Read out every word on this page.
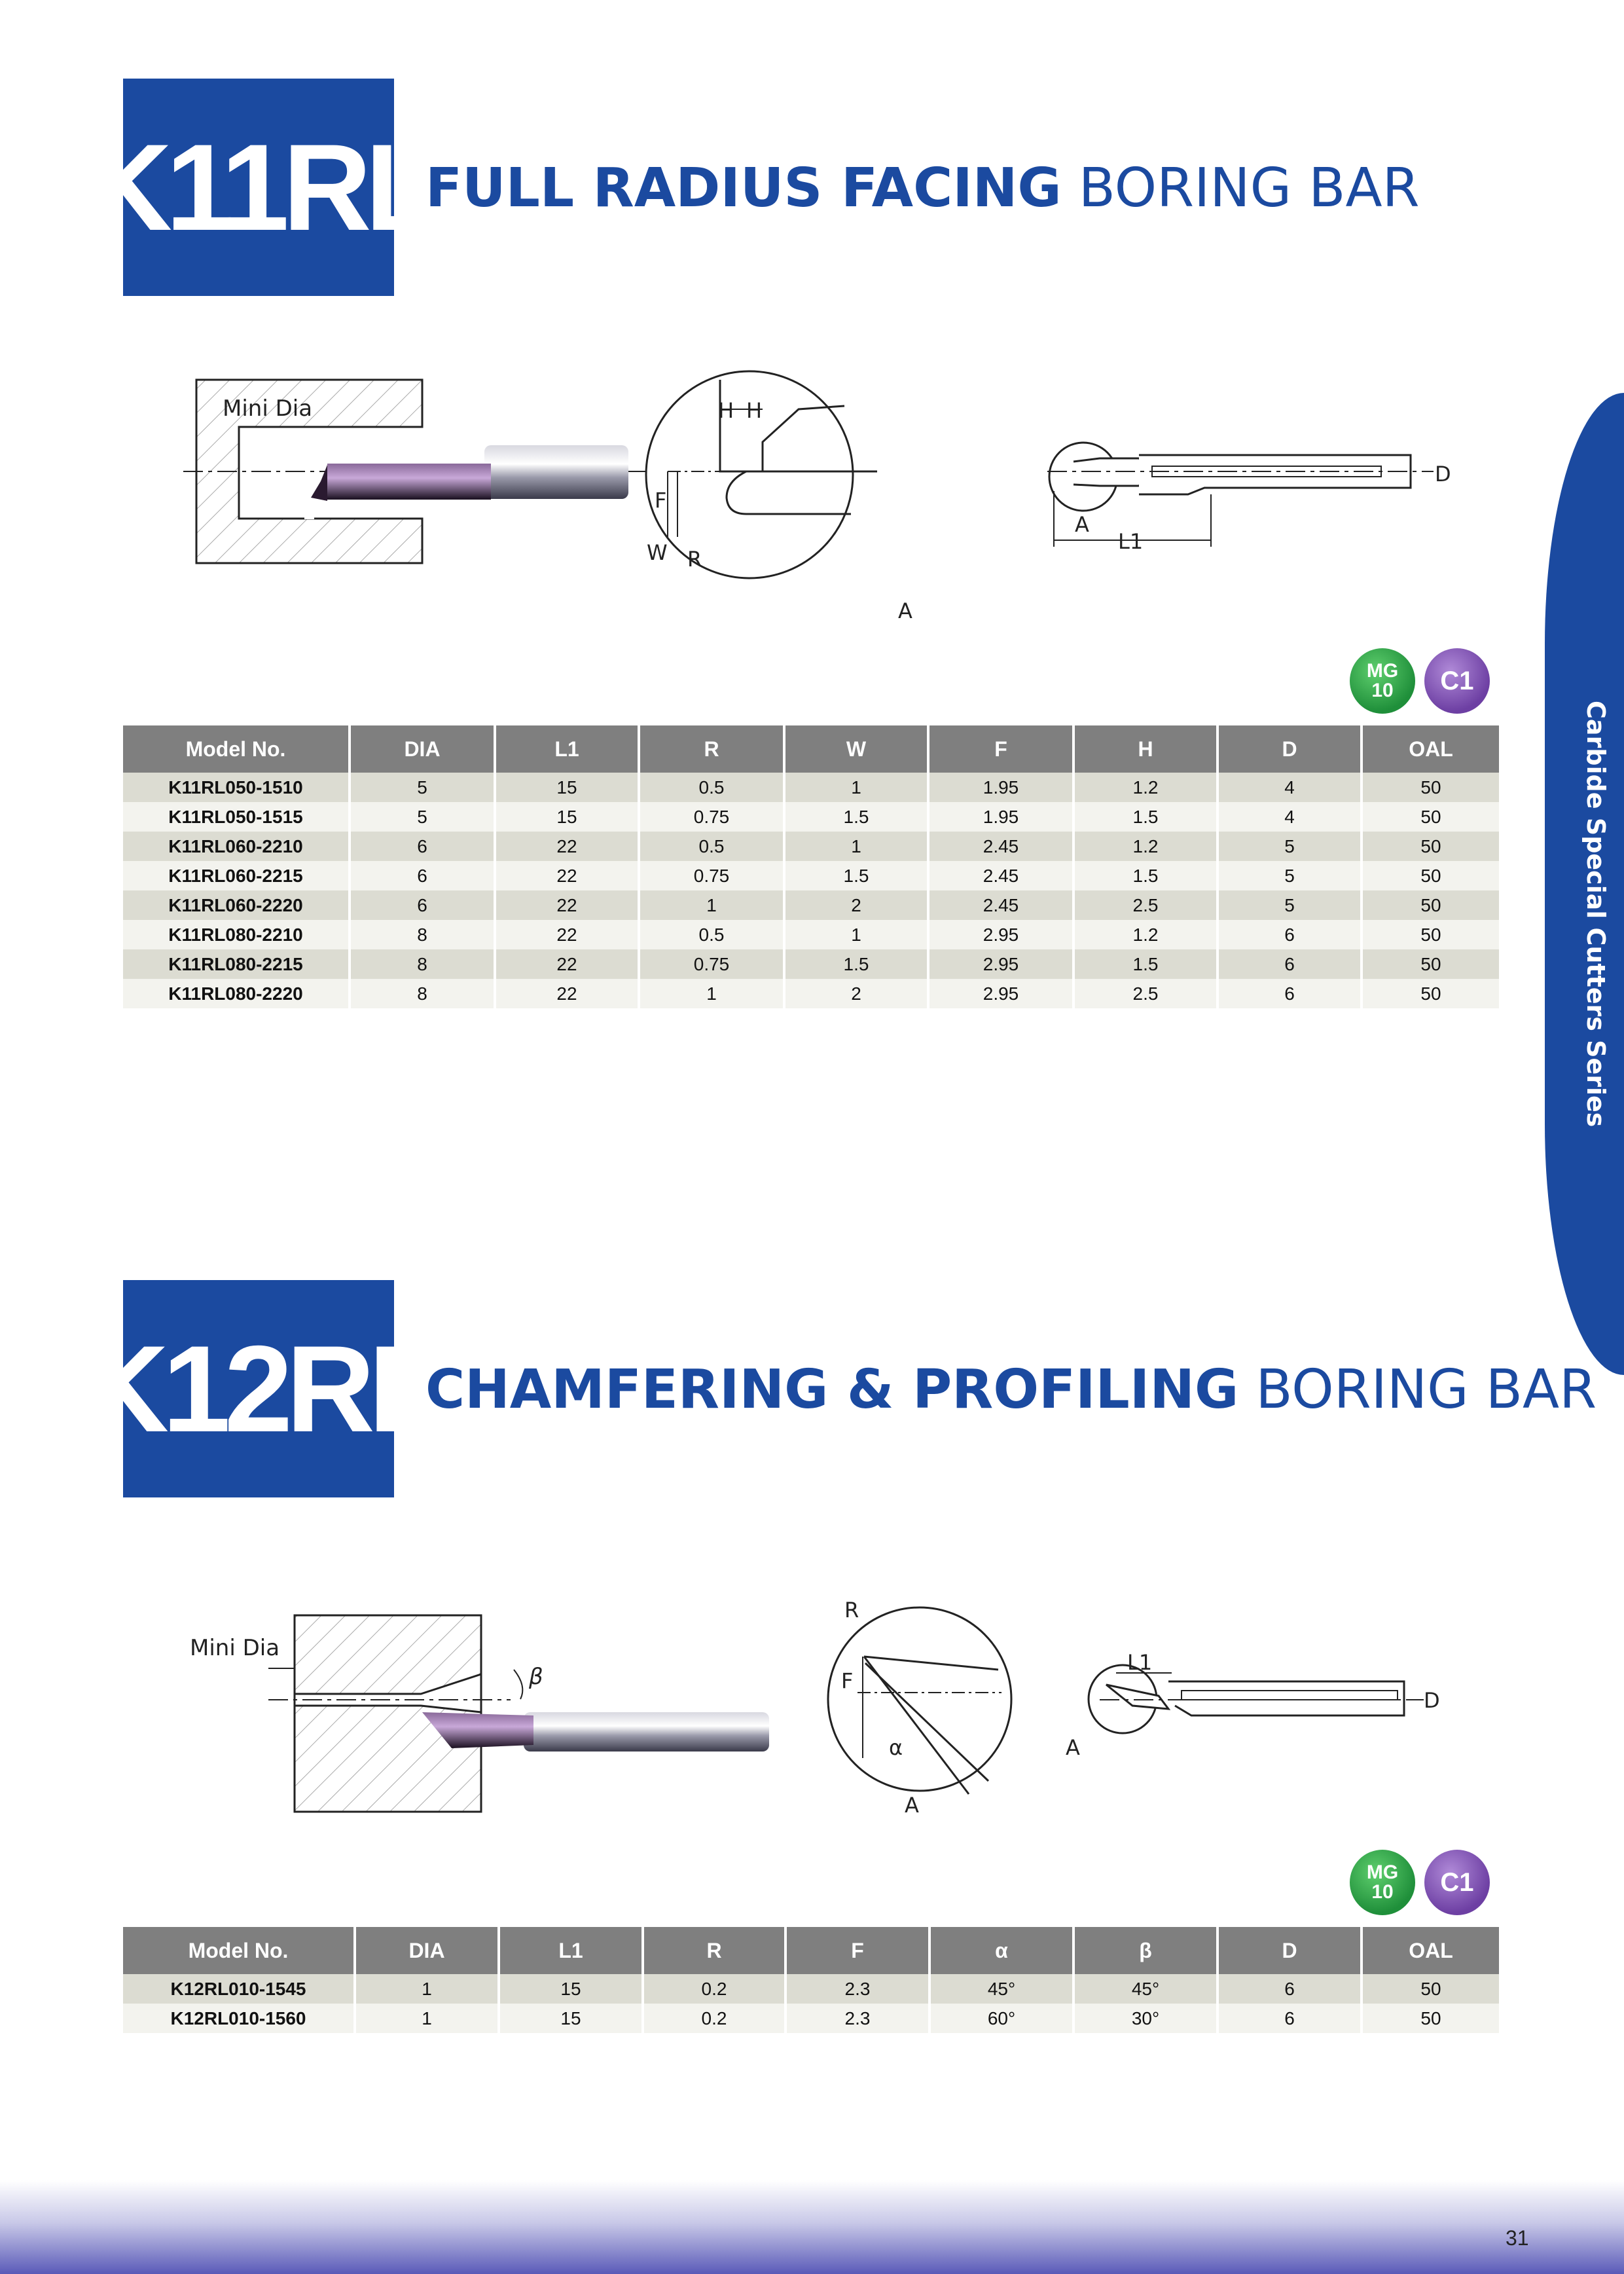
Carbide Special Cutters Series
K11RL
FULL RADIUS FACING BORING BAR
Mini Dia	H H
F
W R
A
D
A
L1
MG
10	C1
Model No.	DIA	L1	R	W	F	H	D	OAL
K11RL050-1510	5	15	0.5	1	1.95	1.2	4	50
K11RL050-1515	5	15	0.75	1.5	1.95	1.5	4	50
K11RL060-2210	6	22	0.5	1	2.45	1.2	5	50
K11RL060-2215	6	22	0.75	1.5	2.45	1.5	5	50
K11RL060-2220	6	22	1	2	2.45	2.5	5	50
K11RL080-2210	8	22	0.5	1	2.95	1.2	6	50
K11RL080-2215	8	22	0.75	1.5	2.95	1.5	6	50
K11RL080-2220	8	22	1	2	2.95	2.5	6	50
K12RL
CHAMFERING & PROFILING BORING BAR
Mini Dia
β
R
F
α
A
L1
D
A
MG
10	C1
Model No.	DIA	L1	R	F	α	β	D	OAL
K12RL010-1545	1	15	0.2	2.3	45°	45°	6	50
K12RL010-1560	1	15	0.2	2.3	60°	30°	6	50
31
